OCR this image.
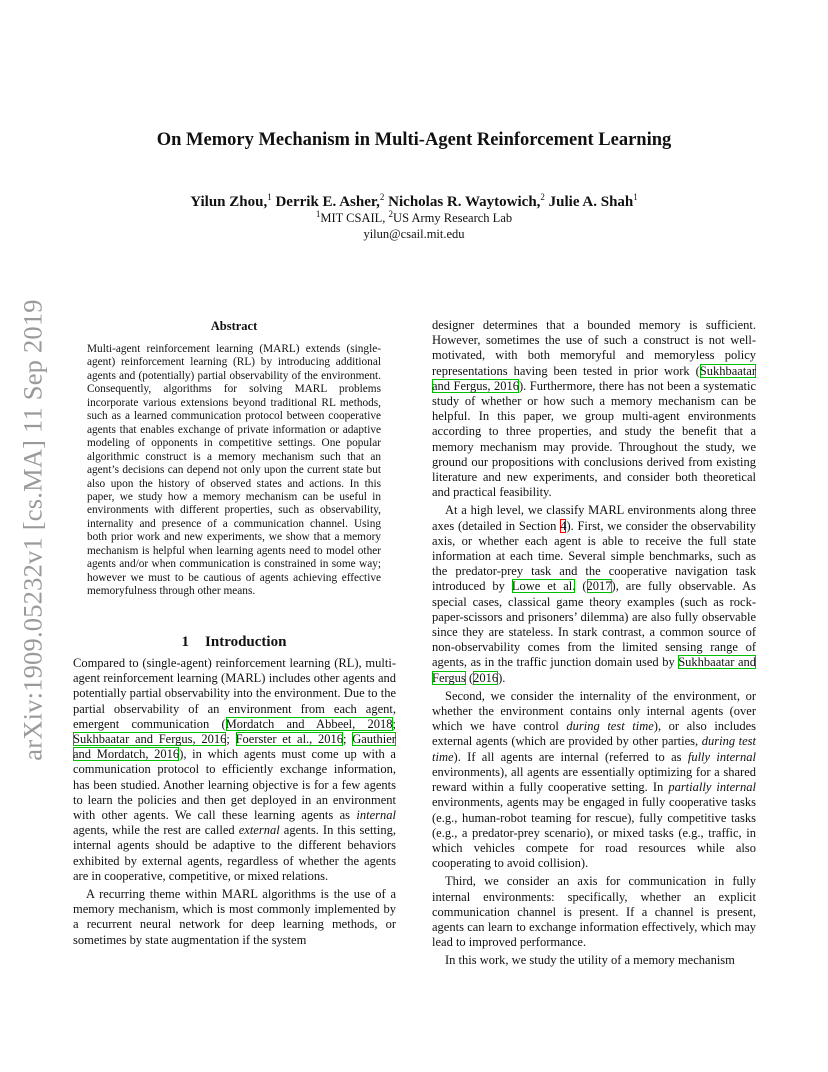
arXiv:1909.05232v1 [cs.MA] 11 Sep 2019
On Memory Mechanism in Multi-Agent Reinforcement Learning
Yilun Zhou,$^1$ Derrik E. Asher,$^2$ Nicholas R. Waytowich,$^2$ Julie A. Shah$^1$
$^1$MIT CSAIL, $^2$US Army Research Lab
yilun@csail.mit.edu
Abstract
Multi-agent reinforcement learning (MARL) extends (single-agent) reinforcement learning (RL) by introducing additional agents and (potentially) partial observability of the environment. Consequently, algorithms for solving MARL problems incorporate various extensions beyond traditional RL methods, such as a learned communication protocol between cooperative agents that enables exchange of private information or adaptive modeling of opponents in competitive settings. One popular algorithmic construct is a memory mechanism such that an agent’s decisions can depend not only upon the current state but also upon the history of observed states and actions. In this paper, we study how a memory mechanism can be useful in environments with different properties, such as observability, internality and presence of a communication channel. Using both prior work and new experiments, we show that a memory mechanism is helpful when learning agents need to model other agents and/or when communication is constrained in some way; however we must to be cautious of agents achieving effective memoryfulness through other means.
1 Introduction

Compared to (single-agent) reinforcement learning (RL), multi-agent reinforcement learning (MARL) includes other agents and potentially partial observability into the environment. Due to the partial observability of an environment from each agent, emergent communication (Mordatch and Abbeel, 2018; Sukhbaatar and Fergus, 2016; Foerster et al., 2016; Gauthier and Mordatch, 2016), in which agents must come up with a communication protocol to efficiently exchange information, has been studied. Another learning objective is for a few agents to learn the policies and then get deployed in an environment with other agents. We call these learning agents as internal agents, while the rest are called external agents. In this setting, internal agents should be adaptive to the different behaviors exhibited by external agents, regardless of whether the agents are in cooperative, competitive, or mixed relations.

A recurring theme within MARL algorithms is the use of a memory mechanism, which is most commonly implemented by a recurrent neural network for deep learning methods, or sometimes by state augmentation if the system

designer determines that a bounded memory is sufficient. However, sometimes the use of such a construct is not well-motivated, with both memoryful and memoryless policy representations having been tested in prior work (Sukhbaatar and Fergus, 2016). Furthermore, there has not been a systematic study of whether or how such a memory mechanism can be helpful. In this paper, we group multi-agent environments according to three properties, and study the benefit that a memory mechanism may provide. Throughout the study, we ground our propositions with conclusions derived from existing literature and new experiments, and consider both theoretical and practical feasibility.

At a high level, we classify MARL environments along three axes (detailed in Section 4). First, we consider the observability axis, or whether each agent is able to receive the full state information at each time. Several simple benchmarks, such as the predator-prey task and the cooperative navigation task introduced by Lowe et al. (2017), are fully observable. As special cases, classical game theory examples (such as rock-paper-scissors and prisoners’ dilemma) are also fully observable since they are stateless. In stark contrast, a common source of non-observability comes from the limited sensing range of agents, as in the traffic junction domain used by Sukhbaatar and Fergus (2016).

Second, we consider the internality of the environment, or whether the environment contains only internal agents (over which we have control during test time), or also includes external agents (which are provided by other parties, during test time). If all agents are internal (referred to as fully internal environments), all agents are essentially optimizing for a shared reward within a fully cooperative setting. In partially internal environments, agents may be engaged in fully cooperative tasks (e.g., human-robot teaming for rescue), fully competitive tasks (e.g., a predator-prey scenario), or mixed tasks (e.g., traffic, in which vehicles compete for road resources while also cooperating to avoid collision).

Third, we consider an axis for communication in fully internal environments: specifically, whether an explicit communication channel is present. If a channel is present, agents can learn to exchange information effectively, which may lead to improved performance.

In this work, we study the utility of a memory mechanism
